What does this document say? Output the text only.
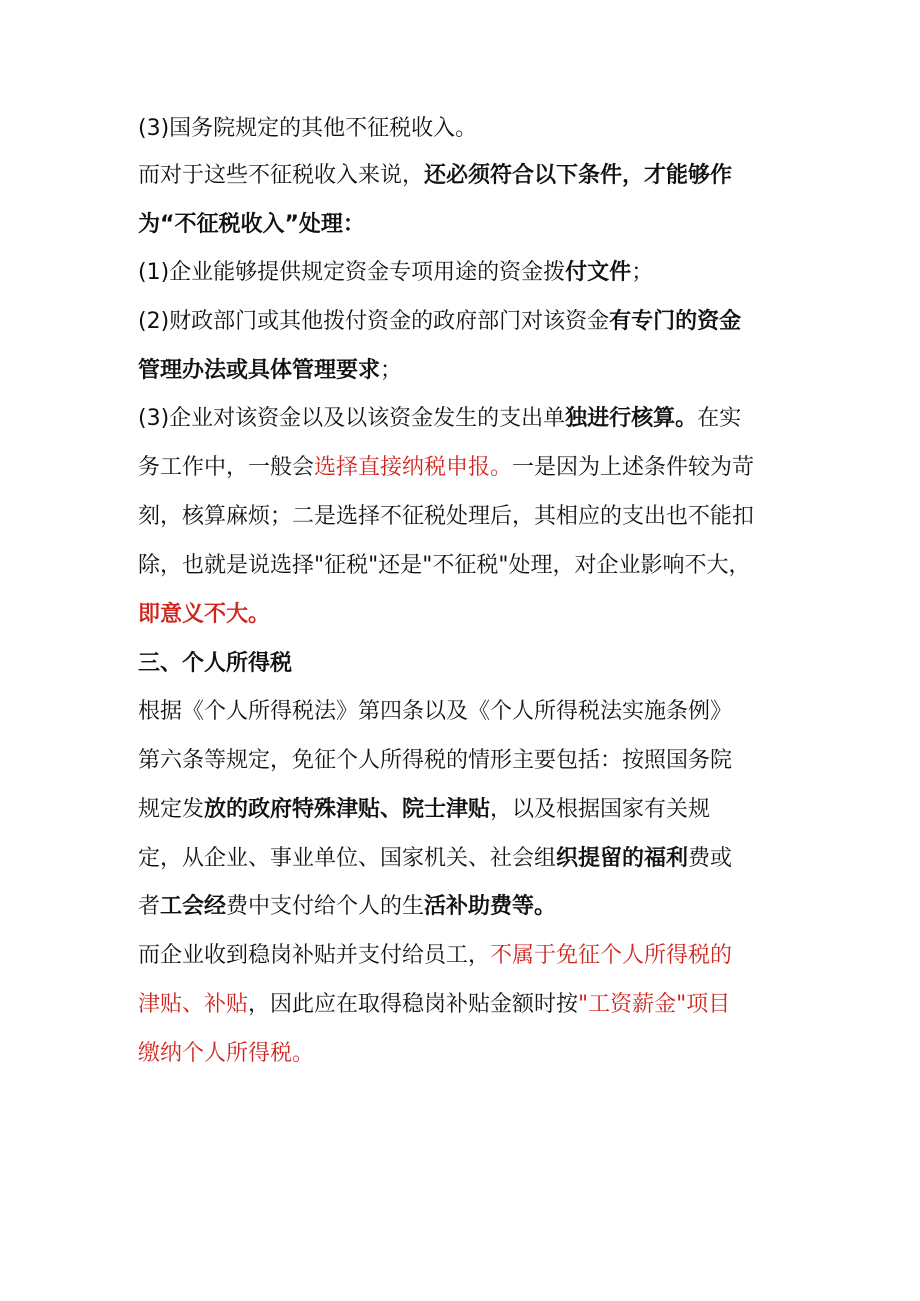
(3)国务院规定的其他不征税收入。
而对于这些不征税收入来说，还必须符合以下条件，才能够作
为“不征税收入”处理：
(1)企业能够提供规定资金专项用途的资金拨付文件；
(2)财政部门或其他拨付资金的政府部门对该资金有专门的资金
管理办法或具体管理要求；
(3)企业对该资金以及以该资金发生的支出单独进行核算。在实
务工作中，一般会选择直接纳税申报。一是因为上述条件较为苛
刻，核算麻烦；二是选择不征税处理后，其相应的支出也不能扣
除，也就是说选择"征税"还是"不征税"处理，对企业影响不大，
即意义不大。
三、个人所得税
根据《个人所得税法》第四条以及《个人所得税法实施条例》
第六条等规定，免征个人所得税的情形主要包括：按照国务院
规定发放的政府特殊津贴、院士津贴，以及根据国家有关规
定，从企业、事业单位、国家机关、社会组织提留的福利费或
者工会经费中支付给个人的生活补助费等。
而企业收到稳岗补贴并支付给员工，不属于免征个人所得税的
津贴、补贴，因此应在取得稳岗补贴金额时按"工资薪金"项目
缴纳个人所得税。
